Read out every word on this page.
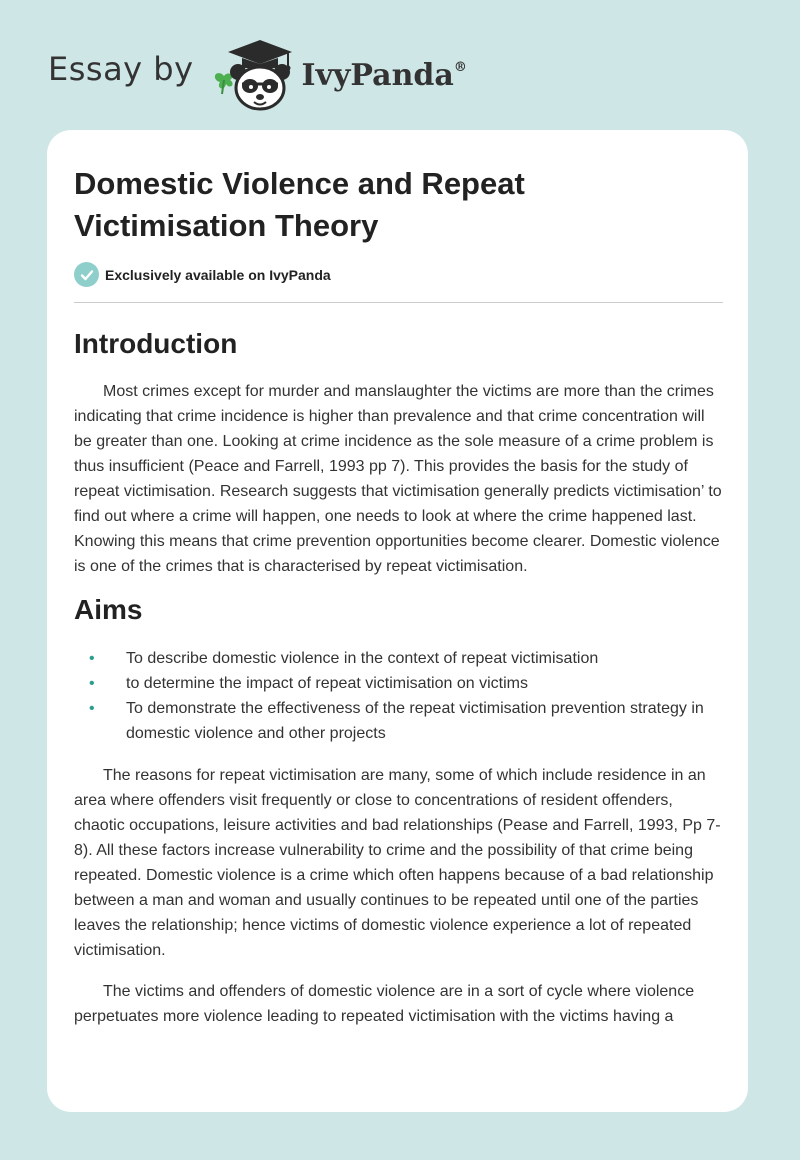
Essay by	IvyPanda®
Domestic Violence and Repeat Victimisation Theory
Exclusively available on IvyPanda
Introduction

Most crimes except for murder and manslaughter the victims are more than the crimes indicating that crime incidence is higher than prevalence and that crime concentration will be greater than one. Looking at crime incidence as the sole measure of a crime problem is thus insufficient (Peace and Farrell, 1993 pp 7). This provides the basis for the study of repeat victimisation. Research suggests that victimisation generally predicts victimisation’ to find out where a crime will happen, one needs to look at where the crime happened last. Knowing this means that crime prevention opportunities become clearer. Domestic violence is one of the crimes that is characterised by repeat victimisation.

Aims
• To describe domestic violence in the context of repeat victimisation
• to determine the impact of repeat victimisation on victims
• To demonstrate the effectiveness of the repeat victimisation prevention strategy in domestic violence and other projects

The reasons for repeat victimisation are many, some of which include residence in an area where offenders visit frequently or close to concentrations of resident offenders, chaotic occupations, leisure activities and bad relationships (Pease and Farrell, 1993, Pp 7-8). All these factors increase vulnerability to crime and the possibility of that crime being repeated. Domestic violence is a crime which often happens because of a bad relationship between a man and woman and usually continues to be repeated until one of the parties leaves the relationship; hence victims of domestic violence experience a lot of repeated victimisation.

The victims and offenders of domestic violence are in a sort of cycle where violence perpetuates more violence leading to repeated victimisation with the victims having a
